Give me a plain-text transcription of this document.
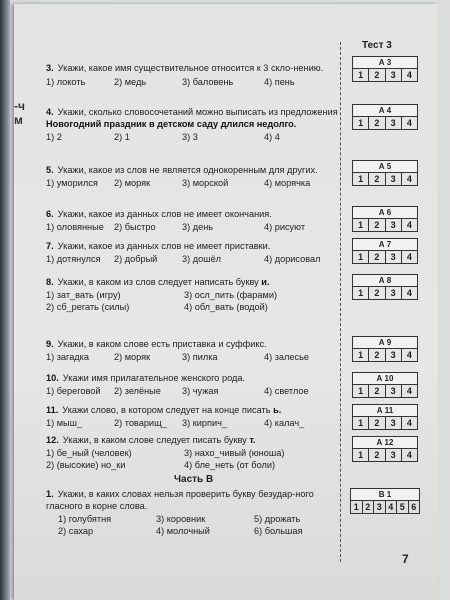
-ч
м
Тест 3
3. Укажи, какое имя существительное относится к 3 скло-нению.
1) локоть	2) медь	3) баловень	4) пень
4. Укажи, сколько словосочетаний можно выписать из предложения Новогодний праздник в детском саду длился недолго.
1) 2	2) 1	3) 3	4) 4
5. Укажи, какое из слов не является однокоренным для других.
1) уморился	2) моряк	3) морской	4) морячка
6. Укажи, какое из данных слов не имеет окончания.
1) оловянные	2) быстро	3) день	4) рисуют
7. Укажи, какое из данных слов не имеет приставки.
1) дотянулся	2) добрый	3) дошёл	4) дорисовал
8. Укажи, в каком из слов следует написать букву и.
1) зат_вать (игру)	3) осл_пить (фарами)
2) сб_регать (силы)	4) обл_вать (водой)
9. Укажи, в каком слове есть приставка и суффикс.
1) загадка	2) моряк	3) пилка	4) залесье
10. Укажи имя прилагательное женского рода.
1) береговой	2) зелёные	3) чужая	4) светлое
11. Укажи слово, в котором следует на конце писать ь.
1) мыш_	2) товарищ_	3) кирпич_	4) калач_
12. Укажи, в каком слове следует писать букву т.
1) бе_ный (человек)	3) нахо_чивый (юноша)
2) (высокие) но_ки	4) бле_неть (от боли)
Часть В
1. Укажи, в каких словах нельзя проверить букву безудар-ного гласного в корне слова.
1) голубятня	3) коровник	5) дрожать
2) сахар	4) молочный	6) большая
А 3
1	2	3	4
А 4
1	2	3	4
А 5
1	2	3	4
А 6
1	2	3	4
А 7
1	2	3	4
А 8
1	2	3	4
А 9
1	2	3	4
А 10
1	2	3	4
А 11
1	2	3	4
А 12
1	2	3	4
В 1
1 2 3 4 5 6
7
